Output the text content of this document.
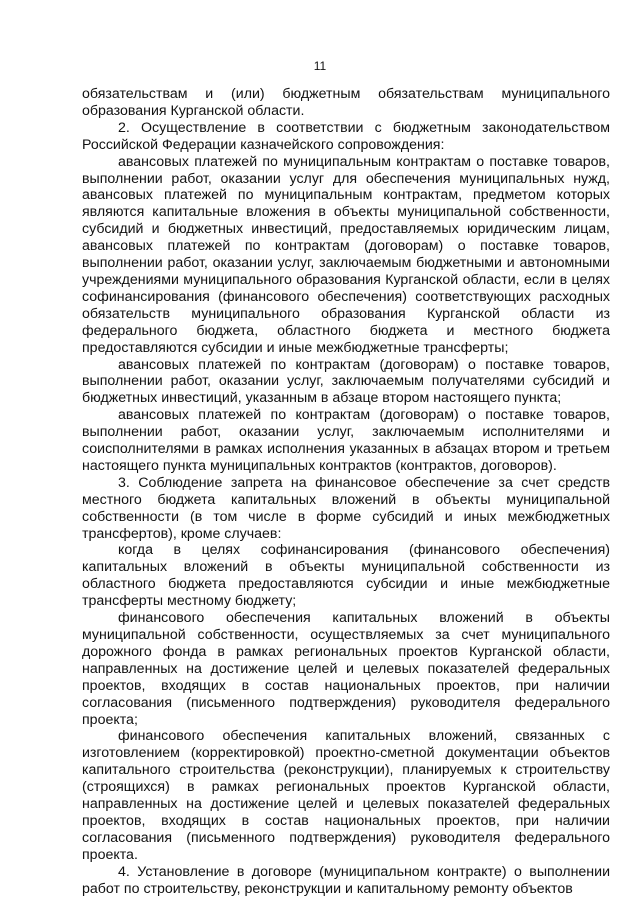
11

обязательствам и (или) бюджетным обязательствам муниципального образования Курганской области.

2. Осуществление в соответствии с бюджетным законодательством Российской Федерации казначейского сопровождения:

авансовых платежей по муниципальным контрактам о поставке товаров, выполнении работ, оказании услуг для обеспечения муниципальных нужд, авансовых платежей по муниципальным контрактам, предметом которых являются капитальные вложения в объекты муниципальной собственности, субсидий и бюджетных инвестиций, предоставляемых юридическим лицам, авансовых платежей по контрактам (договорам) о поставке товаров, выполнении работ, оказании услуг, заключаемым бюджетными и автономными учреждениями муниципального образования Курганской области, если в целях софинансирования (финансового обеспечения) соответствующих расходных обязательств муниципального образования Курганской области из федерального бюджета, областного бюджета и местного бюджета предоставляются субсидии и иные межбюджетные трансферты;

авансовых платежей по контрактам (договорам) о поставке товаров, выполнении работ, оказании услуг, заключаемым получателями субсидий и бюджетных инвестиций, указанным в абзаце втором настоящего пункта;

авансовых платежей по контрактам (договорам) о поставке товаров, выполнении работ, оказании услуг, заключаемым исполнителями и соисполнителями в рамках исполнения указанных в абзацах втором и третьем настоящего пункта муниципальных контрактов (контрактов, договоров).

3. Соблюдение запрета на финансовое обеспечение за счет средств местного бюджета капитальных вложений в объекты муниципальной собственности (в том числе в форме субсидий и иных межбюджетных трансфертов), кроме случаев:

когда в целях софинансирования (финансового обеспечения) капитальных вложений в объекты муниципальной собственности из областного бюджета предоставляются субсидии и иные межбюджетные трансферты местному бюджету;

финансового обеспечения капитальных вложений в объекты муниципальной собственности, осуществляемых за счет муниципального дорожного фонда в рамках региональных проектов Курганской области, направленных на достижение целей и целевых показателей федеральных проектов, входящих в состав национальных проектов, при наличии согласования (письменного подтверждения) руководителя федерального проекта;

финансового обеспечения капитальных вложений, связанных с изготовлением (корректировкой) проектно-сметной документации объектов капитального строительства (реконструкции), планируемых к строительству (строящихся) в рамках региональных проектов Курганской области, направленных на достижение целей и целевых показателей федеральных проектов, входящих в состав национальных проектов, при наличии согласования (письменного подтверждения) руководителя федерального проекта.

4. Установление в договоре (муниципальном контракте) о выполнении работ по строительству, реконструкции и капитальному ремонту объектов
